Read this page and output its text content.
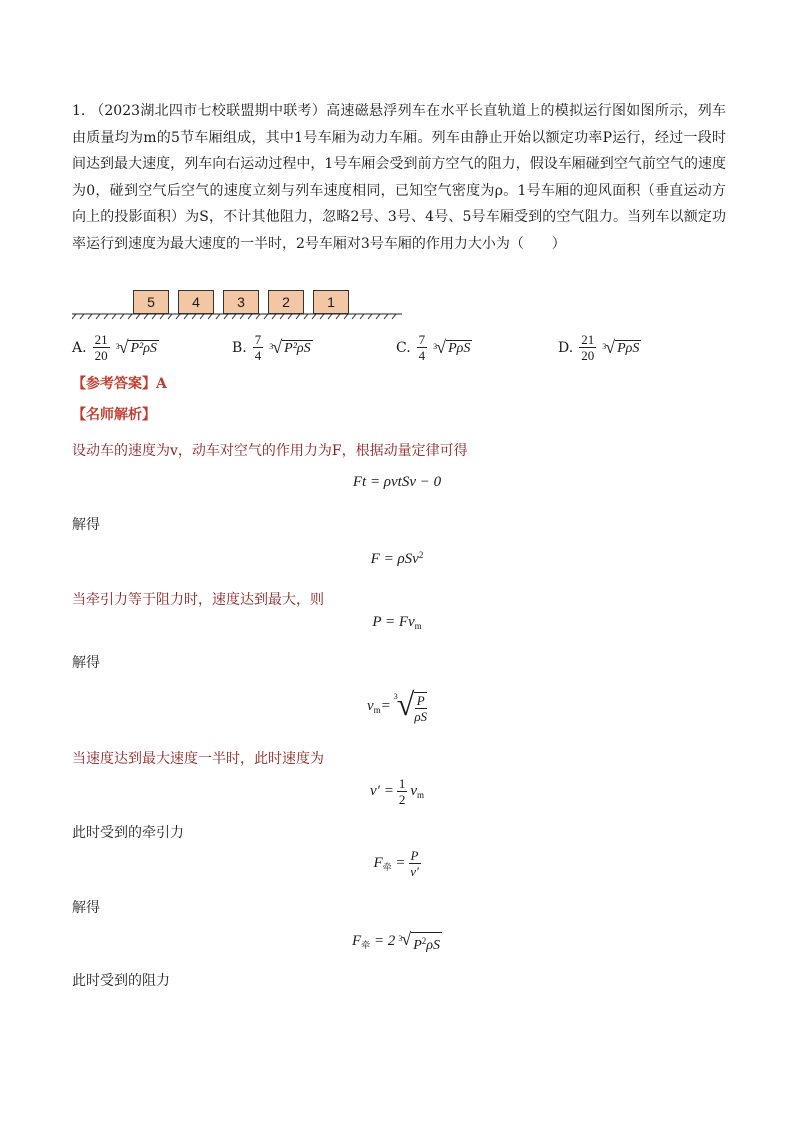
1. （2023湖北四市七校联盟期中联考）高速磁悬浮列车在水平长直轨道上的模拟运行图如图所示，列车由质量均为m的5节车厢组成，其中1号车厢为动力车厢。列车由静止开始以额定功率P运行，经过一段时间达到最大速度，列车向右运动过程中，1号车厢会受到前方空气的阻力，假设车厢碰到空气前空气的速度为0，碰到空气后空气的速度立刻与列车速度相同，已知空气密度为ρ。1号车厢的迎风面积（垂直运动方向上的投影面积）为S，不计其他阻力，忽略2号、3号、4号、5号车厢受到的空气阻力。当列车以额定功率运行到速度为最大速度的一半时，2号车厢对3号车厢的作用力大小为（　　）
5	4	3	2	1
A. $\frac{21}{20} 3$ √ P²ρS	B. $\frac{7}{4} 3$ √ P²ρS	C. $\frac{7}{4} 3$ √ PρS	D. $\frac{21}{20} 3$ √ PρS
【参考答案】A
【名师解析】
设动车的速度为v，动车对空气的作用力为F，根据动量定律可得
Ft = ρvtSv − 0
解得
F = ρSv$^2$
当牵引力等于阻力时，速度达到最大，则
$P = Fv_m$
解得
$v_m=$
3 √ $\frac{P}{\rho S}$
当速度达到最大速度一半时，此时速度为
$v' = \frac{1}{2} v_m$
此时受到的牵引力
$F_牵 = \frac{P}{v'}$
解得
$F_牵 = 2$ 3 √ $P^2\rho S$
此时受到的阻力
